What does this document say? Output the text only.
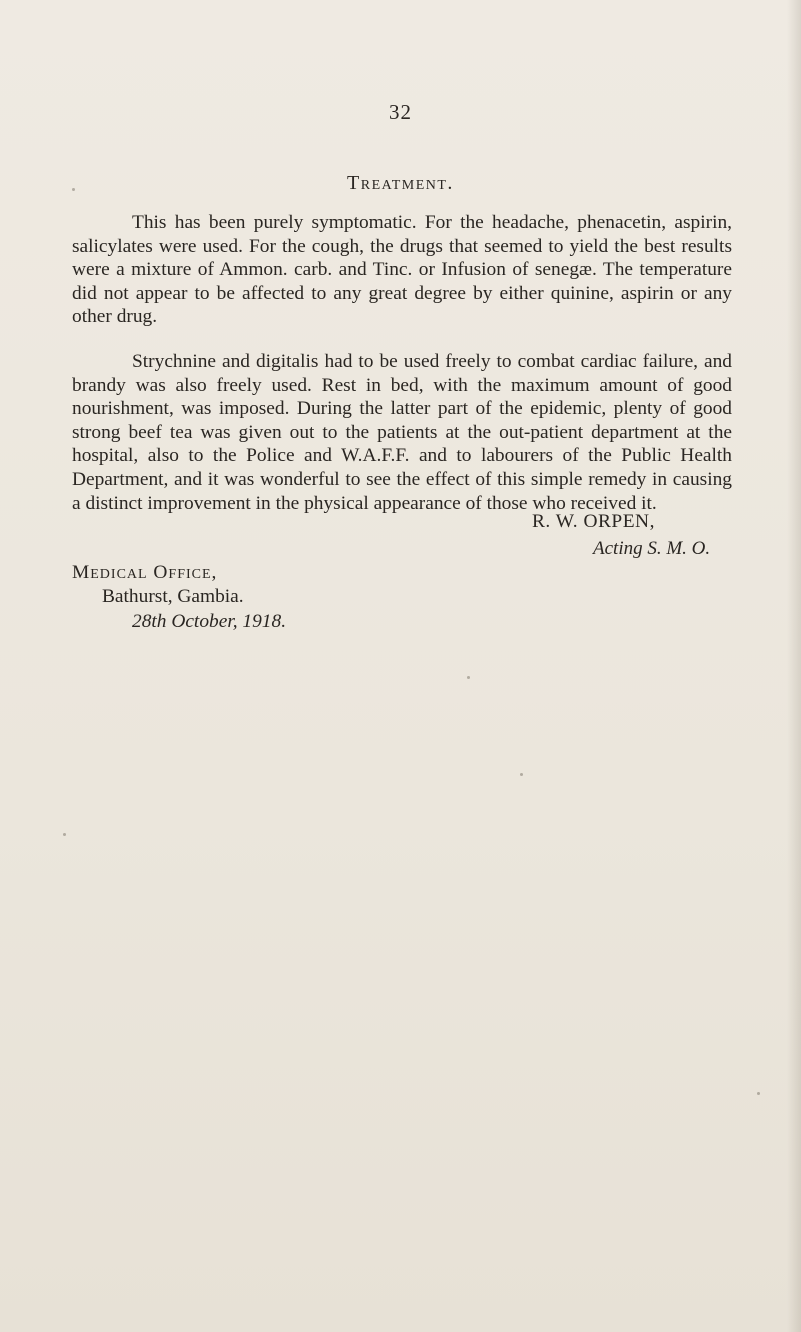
32
Treatment.

This has been purely symptomatic. For the headache, phenacetin, aspirin, salicylates were used. For the cough, the drugs that seemed to yield the best results were a mixture of Ammon. carb. and Tinc. or Infusion of senegæ. The temperature did not appear to be affected to any great degree by either quinine, aspirin or any other drug.

Strychnine and digitalis had to be used freely to combat cardiac failure, and brandy was also freely used. Rest in bed, with the maximum amount of good nourishment, was imposed. During the latter part of the epidemic, plenty of good strong beef tea was given out to the patients at the out-patient department at the hospital, also to the Police and W.A.F.F. and to labourers of the Public Health Department, and it was wonderful to see the effect of this simple remedy in causing a distinct improvement in the physical appearance of those who received it.

R. W. ORPEN,
Acting S. M. O.
Medical Office,
Bathurst, Gambia.
28th October, 1918.
